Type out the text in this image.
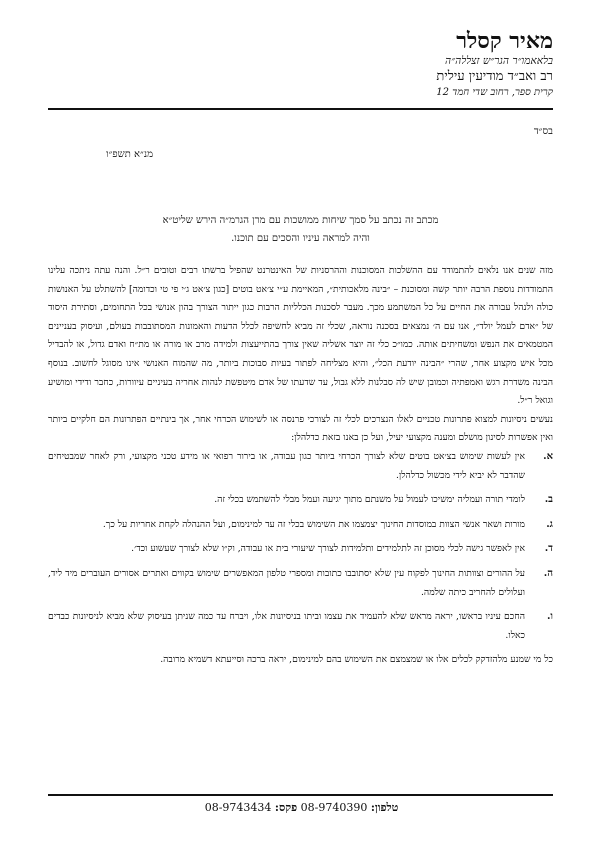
מאיר קסלר
בלאאמו״ר הגר״ש זצללה״ה
רב ואב״ד מודיעין עילית
קרית ספר, רחוב שדי חמד 12
בס״ד
מנ״א תשפ״ו
מכתב זה נכתב על סמך שיחות ממושכות עם מרן הגרמ״ה הירש שליט״א
והיה למראה עיניו והסכים עם תוכנו.

מזה שנים אנו נלאים להתמודד עם ההשלכות המסוכנות וההרסניות של האינטרנט שהפיל ברשתו רבים וטובים ר״ל. והנה עתה ניתכה עלינו התמודדות נוספת הרבה יותר קשה ומסוכנת – ״בינה מלאכותית״, המאיימת ע״י צ׳אט בוטים [כגון צ׳אט ג׳י פי טי וכדומה] להשתלט על האנושות כולה ולנהל עבורה את החיים על כל המשתמע מכך. מעבר לסכנות הכלליות הרבות כגון ייתור הצורך בהון אנושי בכל התחומים, וסתירת היסוד של ״אדם לעמל יולד״, אנו עם ה׳ נמצאים בסכנה נוראה, שכלי זה מביא לחשיפה לכלל הדעות והאמונות המסתובבות בעולם, ועיסוק בעניינים המטמאים את הנפש ומשחיתים אותה. כמו״כ כלי זה יוצר אשליה שאין צורך בהתייעצות ולמידה מרב או מורה או מת״ח ואדם גדול, או להבדיל מכל איש מקצוע אחר, שהרי ״הבינה יודעת הכל״, והיא מצליחה לפתור בעיות סבוכות ביותר, מה שהמוח האנושי אינו מסוגל לחשוב. בנוסף הבינה משדרת רגש ואמפתיה וכמובן שיש לה סבלנות ללא גבול, עד שדעתו של אדם מיטפשת לנהות אחריה בעיניים עיוורות, כחבר ודידי ומושיע וגואל ר״ל.

נעשים ניסיונות למצוא פתרונות טכניים לאלו הנצרכים לכלי זה לצורכי פרנסה או לשימוש הכרחי אחר, אך בינתיים הפתרונות הם חלקיים ביותר ואין אפשרות לסינון מושלם ומענה מקצועי יעיל, ועל כן באנו בזאת כדלהלן:

א.
אין לעשות שימוש בצ׳אט בוטים שלא לצורך הכרחי ביותר כגון עבודה, או בירור רפואי או מידע טכני מקצועי, ורק לאחר שמבטיחים שהדבר לא יביא לידי מכשול כדלהלן.
ב.
לומדי תורה ועמליה ימשיכו לעמול על משנתם מתוך יגיעה ועמל מבלי להשתמש בכלי זה.
ג.
מורות ושאר אנשי הצוות במוסדות החינוך יצמצמו את השימוש בכלי זה עד למינימום, ועל ההנהלה לקחת אחריות על כך.
ד.
אין לאפשר גישה לכלי מסוכן זה לתלמידים ותלמידות לצורך שיעורי בית או עבודה, וק״ו שלא לצורך שעשוע וכד׳.
ה.
על ההורים וצוותות החינוך לפקוח עין שלא יסתובבו כתובות ומספרי טלפון המאפשרים שימוש בקווים ואתרים אסורים העוברים מיד ליד, ועלולים להחריב כיתה שלמה.
ו.
החכם עיניו בראשו, יראה מראש שלא להעמיד את עצמו וביתו בניסיונות אלו, ויברח עד כמה שניתן בעיסוק שלא מביא לניסיונות כבדים כאלו.

כל מי שמנע מלהזדקק לכלים אלו או שמצמצם את השימוש בהם למינימום, יראה ברכה וסייעתא דשמיא מרובה.

טלפון: 08-9740390 פקס: 08-9743434
